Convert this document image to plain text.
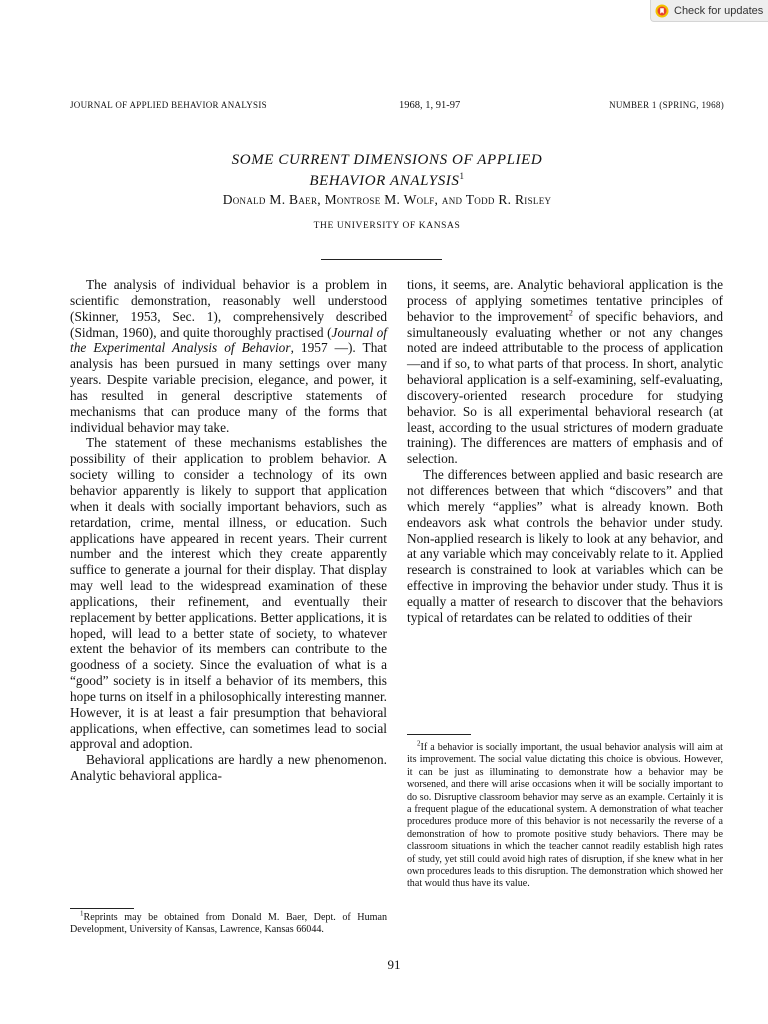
Check for updates
JOURNAL OF APPLIED BEHAVIOR ANALYSIS	1968, 1, 91-97	NUMBER 1 (SPRING, 1968)
SOME CURRENT DIMENSIONS OF APPLIED
BEHAVIOR ANALYSIS$^1$
Donald M. Baer, Montrose M. Wolf, and Todd R. Risley
THE UNIVERSITY OF KANSAS

The analysis of individual behavior is a problem in scientific demonstration, reasonably well understood (Skinner, 1953, Sec. 1), comprehensively described (Sidman, 1960), and quite thoroughly practised (Journal of the Experimental Analysis of Behavior, 1957 —). That analysis has been pursued in many settings over many years. Despite variable precision, elegance, and power, it has resulted in general descriptive statements of mechanisms that can produce many of the forms that individual behavior may take.

The statement of these mechanisms establishes the possibility of their application to problem behavior. A society willing to consider a technology of its own behavior apparently is likely to support that application when it deals with socially important behaviors, such as retardation, crime, mental illness, or education. Such applications have appeared in recent years. Their current number and the interest which they create apparently suffice to generate a journal for their display. That display may well lead to the widespread examination of these applications, their refinement, and eventually their replacement by better applications. Better applications, it is hoped, will lead to a better state of society, to whatever extent the behavior of its members can contribute to the goodness of a society. Since the evaluation of what is a “good” society is in itself a behavior of its members, this hope turns on itself in a philosophically interesting manner. However, it is at least a fair presumption that behavioral applications, when effective, can sometimes lead to social approval and adoption.

Behavioral applications are hardly a new phenomenon. Analytic behavioral applica-

tions, it seems, are. Analytic behavioral application is the process of applying sometimes tentative principles of behavior to the improvement$^2$ of specific behaviors, and simultaneously evaluating whether or not any changes noted are indeed attributable to the process of application—and if so, to what parts of that process. In short, analytic behavioral application is a self-examining, self-evaluating, discovery-oriented research procedure for studying behavior. So is all experimental behavioral research (at least, according to the usual strictures of modern graduate training). The differences are matters of emphasis and of selection.

The differences between applied and basic research are not differences between that which “discovers” and that which merely “applies” what is already known. Both endeavors ask what controls the behavior under study. Non-applied research is likely to look at any behavior, and at any variable which may conceivably relate to it. Applied research is constrained to look at variables which can be effective in improving the behavior under study. Thus it is equally a matter of research to discover that the behaviors typical of retardates can be related to oddities of their

$^2$If a behavior is socially important, the usual behavior analysis will aim at its improvement. The social value dictating this choice is obvious. However, it can be just as illuminating to demonstrate how a behavior may be worsened, and there will arise occasions when it will be socially important to do so. Disruptive classroom behavior may serve as an example. Certainly it is a frequent plague of the educational system. A demonstration of what teacher procedures produce more of this behavior is not necessarily the reverse of a demonstration of how to promote positive study behaviors. There may be classroom situations in which the teacher cannot readily establish high rates of study, yet still could avoid high rates of disruption, if she knew what in her own procedures leads to this disruption. The demonstration which showed her that would thus have its value.

$^1$Reprints may be obtained from Donald M. Baer, Dept. of Human Development, University of Kansas, Lawrence, Kansas 66044.

91
